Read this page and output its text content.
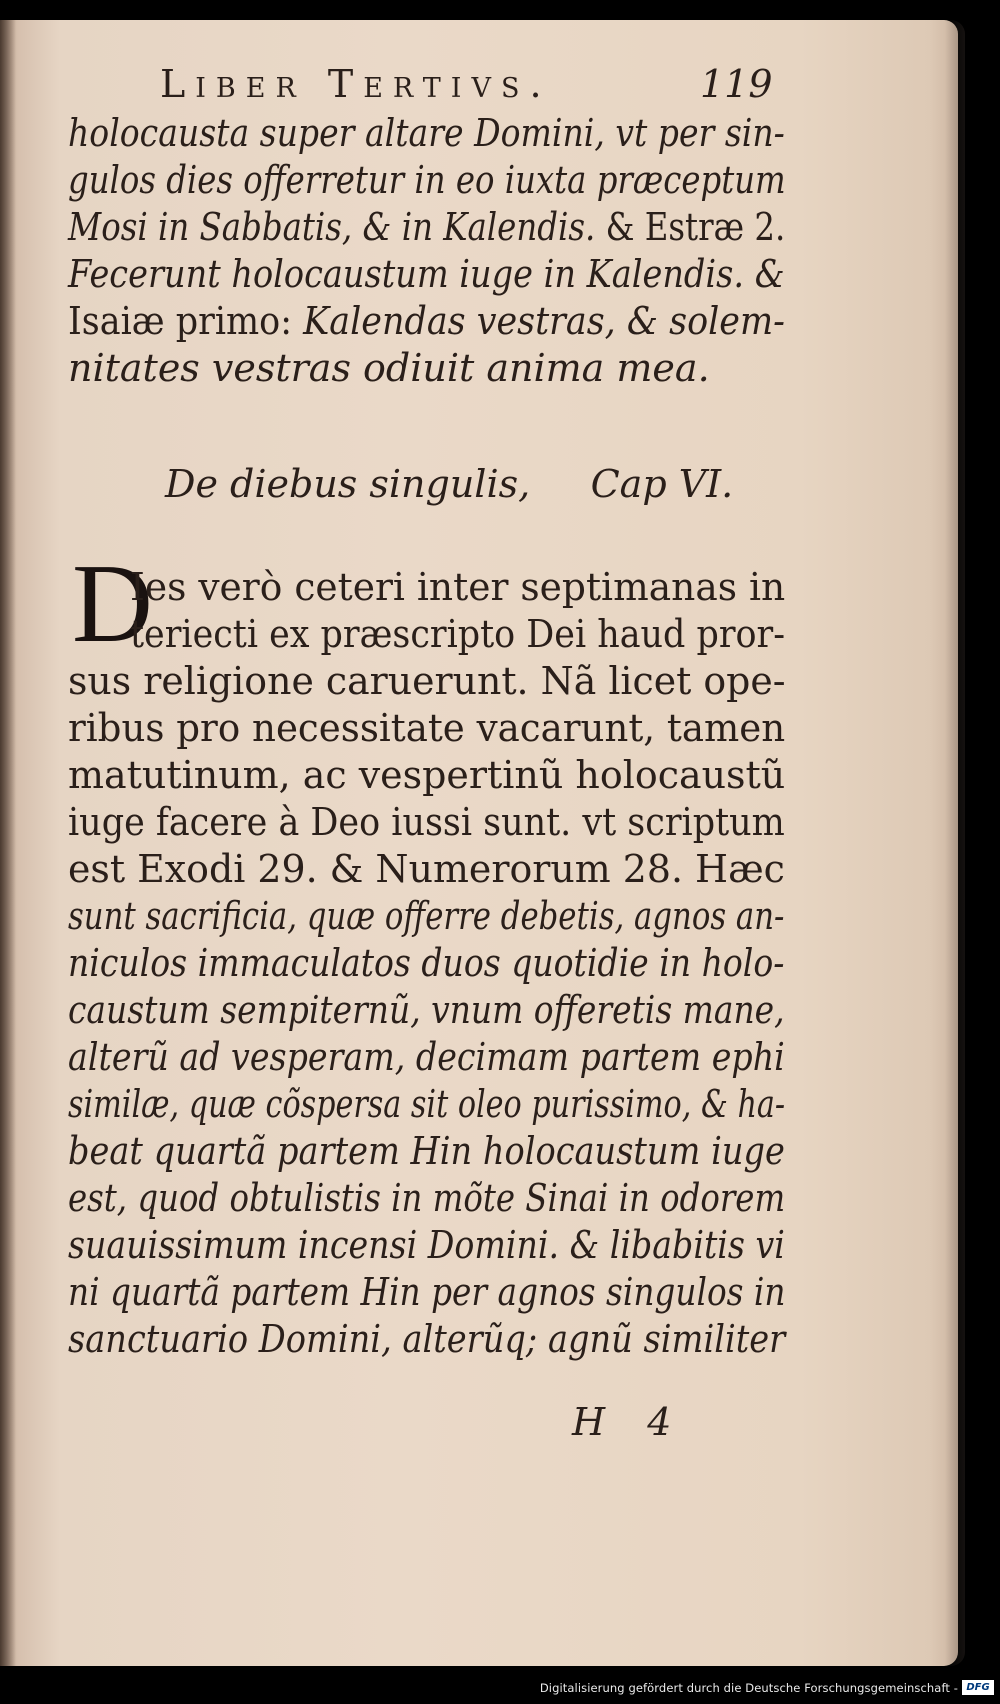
Liber Tertivs.	119
holocausta super altare Domini, vt per sin-
gulos dies offerretur in eo iuxta præceptum
Mosi in Sabbatis, & in Kalendis. & Estræ 2.
Fecerunt holocaustum iuge in Kalendis. &
Isaiæ primo: Kalendas vestras, & solem-
nitates vestras odiuit anima mea.
De diebus singulis,     Cap VI.
D
Ies verò ceteri inter septimanas in
teriecti ex præscripto Dei haud pror-
sus religione caruerunt. Nã licet ope-
ribus pro necessitate vacarunt, tamen
matutinum, ac vespertinũ holocaustũ
iuge facere à Deo iussi sunt. vt scriptum
est Exodi 29. & Numerorum 28. Hæc
sunt sacrificia, quæ offerre debetis, agnos an-
niculos immaculatos duos quotidie in holo-
caustum sempiternũ, vnum offeretis mane,
alterũ ad vesperam, decimam partem ephi
similæ, quæ cõspersa sit oleo purissimo, & ha-
beat quartã partem Hin holocaustum iuge
est, quod obtulistis in mõte Sinai in odorem
suauissimum incensi Domini. & libabitis vi
ni quartã partem Hin per agnos singulos in
sanctuario Domini, alterũq; agnũ similiter
H 4
Digitalisierung gefördert durch die Deutsche Forschungsgemeinschaft - DFG
